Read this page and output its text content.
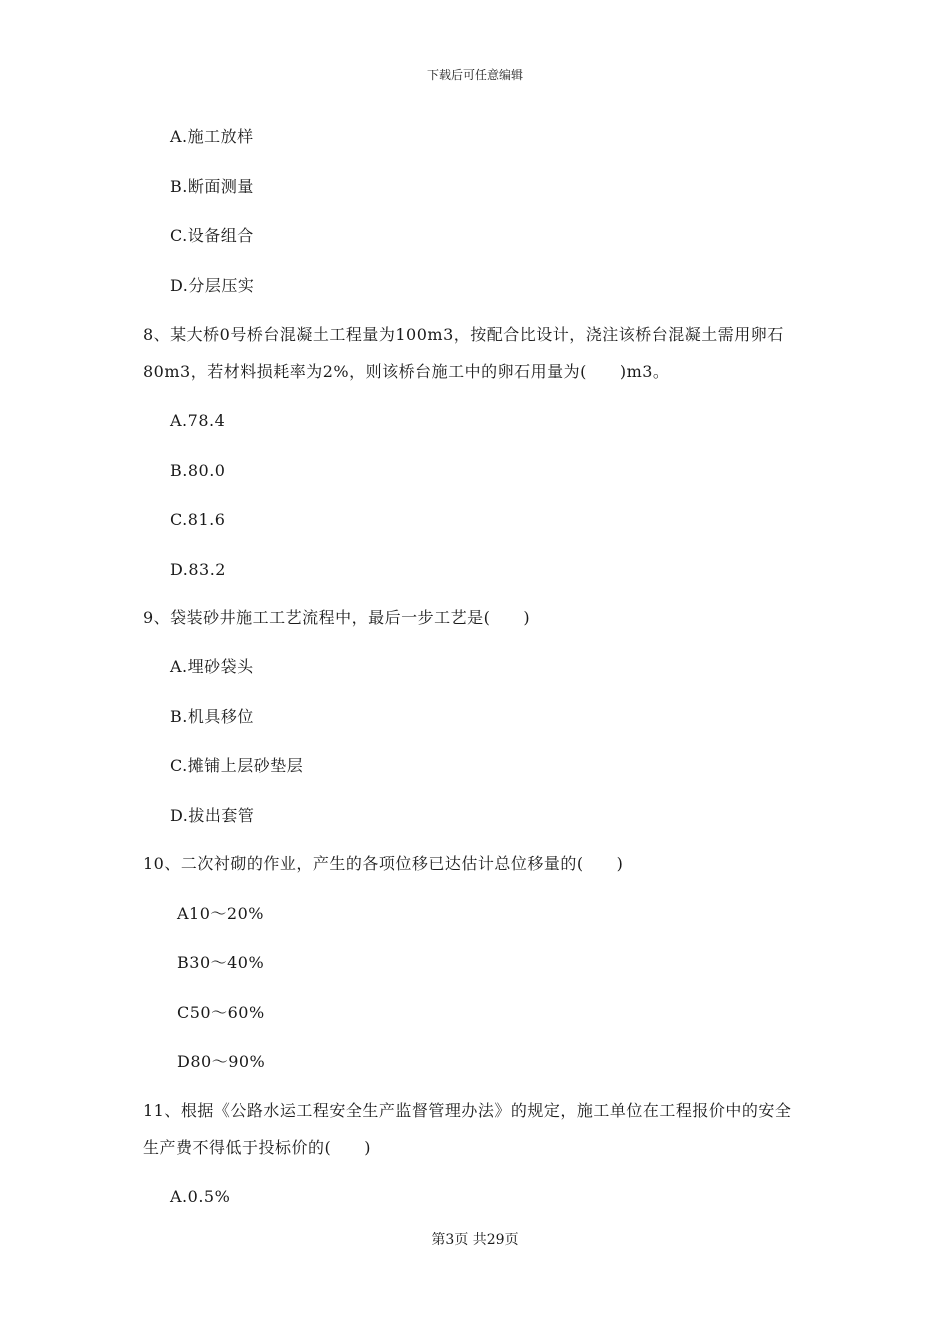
下载后可任意编辑
A.施工放样
B.断面测量
C.设备组合
D.分层压实
8、某大桥0号桥台混凝土工程量为100m3，按配合比设计，浇注该桥台混凝土需用卵石
80m3，若材料损耗率为2%，则该桥台施工中的卵石用量为(　　)m3。
A.78.4
B.80.0
C.81.6
D.83.2
9、袋装砂井施工工艺流程中，最后一步工艺是(　　)
A.埋砂袋头
B.机具移位
C.摊铺上层砂垫层
D.拔出套管
10、二次衬砌的作业，产生的各项位移已达估计总位移量的(　　)
A10～20%
B30～40%
C50～60%
D80～90%
11、根据《公路水运工程安全生产监督管理办法》的规定，施工单位在工程报价中的安全
生产费不得低于投标价的(　　)
A.0.5%
第3页 共29页
